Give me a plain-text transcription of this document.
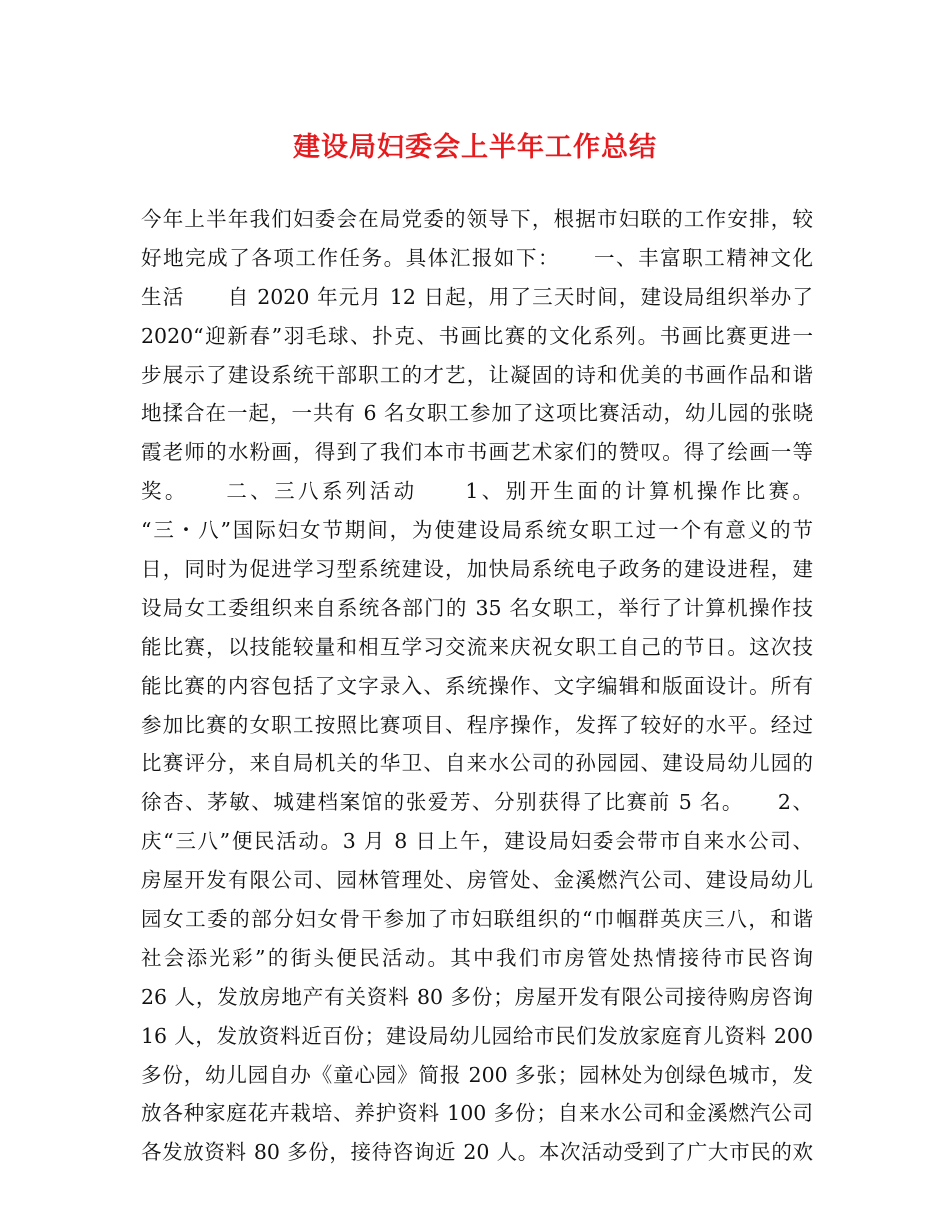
建设局妇委会上半年工作总结
今年上半年我们妇委会在局党委的领导下，根据市妇联的工作安排，较
好地完成了各项工作任务。具体汇报如下：　　一、丰富职工精神文化
生活　　自 2020 年元月 12 日起，用了三天时间，建设局组织举办了
2020“迎新春”羽毛球、扑克、书画比赛的文化系列。书画比赛更进一
步展示了建设系统干部职工的才艺，让凝固的诗和优美的书画作品和谐
地揉合在一起，一共有 6 名女职工参加了这项比赛活动，幼儿园的张晓
霞老师的水粉画，得到了我们本市书画艺术家们的赞叹。得了绘画一等
奖。　　二、三八系列活动　　1、别开生面的计算机操作比赛。
“三・八”国际妇女节期间，为使建设局系统女职工过一个有意义的节
日，同时为促进学习型系统建设，加快局系统电子政务的建设进程，建
设局女工委组织来自系统各部门的 35 名女职工，举行了计算机操作技
能比赛，以技能较量和相互学习交流来庆祝女职工自己的节日。这次技
能比赛的内容包括了文字录入、系统操作、文字编辑和版面设计。所有
参加比赛的女职工按照比赛项目、程序操作，发挥了较好的水平。经过
比赛评分，来自局机关的华卫、自来水公司的孙园园、建设局幼儿园的
徐杏、茅敏、城建档案馆的张爱芳、分别获得了比赛前 5 名。　　2、
庆“三八”便民活动。3 月 8 日上午，建设局妇委会带市自来水公司、
房屋开发有限公司、园林管理处、房管处、金溪燃汽公司、建设局幼儿
园女工委的部分妇女骨干参加了市妇联组织的“巾帼群英庆三八，和谐
社会添光彩”的街头便民活动。其中我们市房管处热情接待市民咨询
26 人，发放房地产有关资料 80 多份；房屋开发有限公司接待购房咨询
16 人，发放资料近百份；建设局幼儿园给市民们发放家庭育儿资料 200
多份，幼儿园自办《童心园》简报 200 多张；园林处为创绿色城市，发
放各种家庭花卉栽培、养护资料 100 多份；自来水公司和金溪燃汽公司
各发放资料 80 多份，接待咨询近 20 人。本次活动受到了广大市民的欢
